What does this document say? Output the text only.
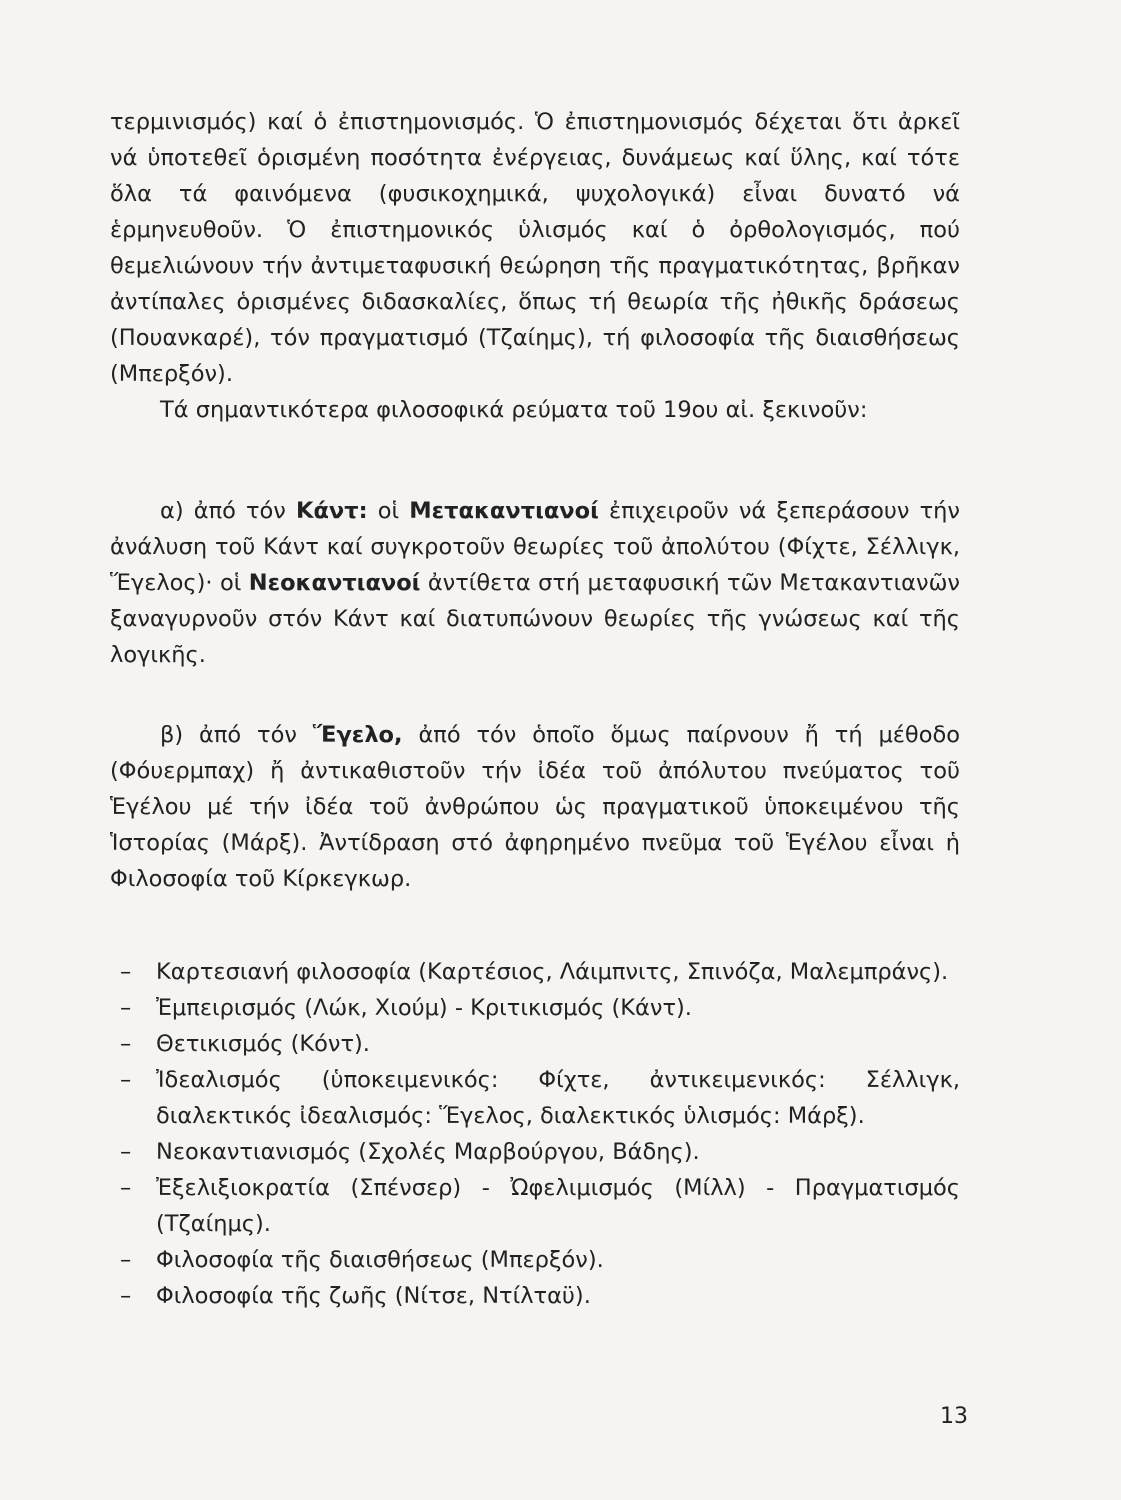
τερμινισμός) καί ὁ ἐπιστημονισμός. Ὁ ἐπιστημονισμός δέχεται ὅτι ἀρκεῖ νά ὑποτεθεῖ ὁρισμένη ποσότητα ἐνέργειας, δυνάμεως καί ὕλης, καί τότε ὅλα τά φαινόμενα (φυσικοχημικά, ψυχολογικά) εἶναι δυνατό νά ἑρμηνευθοῦν. Ὁ ἐπιστημονικός ὑλισμός καί ὁ ὀρθολογισμός, πού θεμελιώνουν τήν ἀντιμεταφυσική θεώρηση τῆς πραγματικότητας, βρῆκαν ἀντίπαλες ὁρισμένες διδασκαλίες, ὅπως τή θεωρία τῆς ἠθικῆς δράσεως (Πουανκαρέ), τόν πραγματισμό (Τζαίημς), τή φιλοσοφία τῆς διαισθήσεως (Μπερξόν).

Τά σημαντικότερα φιλοσοφικά ρεύματα τοῦ 19ου αἰ. ξεκινοῦν:

α) ἀπό τόν Κάντ: οἱ Μετακαντιανοί ἐπιχειροῦν νά ξεπεράσουν τήν ἀνάλυση τοῦ Κάντ καί συγκροτοῦν θεωρίες τοῦ ἀπολύτου (Φίχτε, Σέλλιγκ, Ἕγελος)· οἱ Νεοκαντιανοί ἀντίθετα στή μεταφυσική τῶν Μετακαντιανῶν ξαναγυρνοῦν στόν Κάντ καί διατυπώνουν θεωρίες τῆς γνώσεως καί τῆς λογικῆς.

β) ἀπό τόν Ἕγελο, ἀπό τόν ὁποῖο ὅμως παίρνουν ἤ τή μέθοδο (Φόυερμπαχ) ἤ ἀντικαθιστοῦν τήν ἰδέα τοῦ ἀπόλυτου πνεύματος τοῦ Ἑγέλου μέ τήν ἰδέα τοῦ ἀνθρώπου ὡς πραγματικοῦ ὑποκειμένου τῆς Ἱστορίας (Μάρξ). Ἀντίδραση στό ἀφηρημένο πνεῦμα τοῦ Ἑγέλου εἶναι ἡ Φιλοσοφία τοῦ Κίρκεγκωρ.

– Καρτεσιανή φιλοσοφία (Καρτέσιος, Λάιμπνιτς, Σπινόζα, Μαλεμπράνς).
– Ἐμπειρισμός (Λώκ, Χιούμ) - Κριτικισμός (Κάντ).
– Θετικισμός (Κόντ).
– Ἰδεαλισμός (ὑποκειμενικός: Φίχτε, ἀντικειμενικός: Σέλλιγκ, διαλεκτικός ἰδεαλισμός: Ἕγελος, διαλεκτικός ὑλισμός: Μάρξ).
– Νεοκαντιανισμός (Σχολές Μαρβούργου, Βάδης).
– Ἐξελιξιοκρατία (Σπένσερ) - Ὠφελιμισμός (Μίλλ) - Πραγματισμός (Τζαίημς).
– Φιλοσοφία τῆς διαισθήσεως (Μπερξόν).
– Φιλοσοφία τῆς ζωῆς (Νίτσε, Ντίλταϋ).
13
